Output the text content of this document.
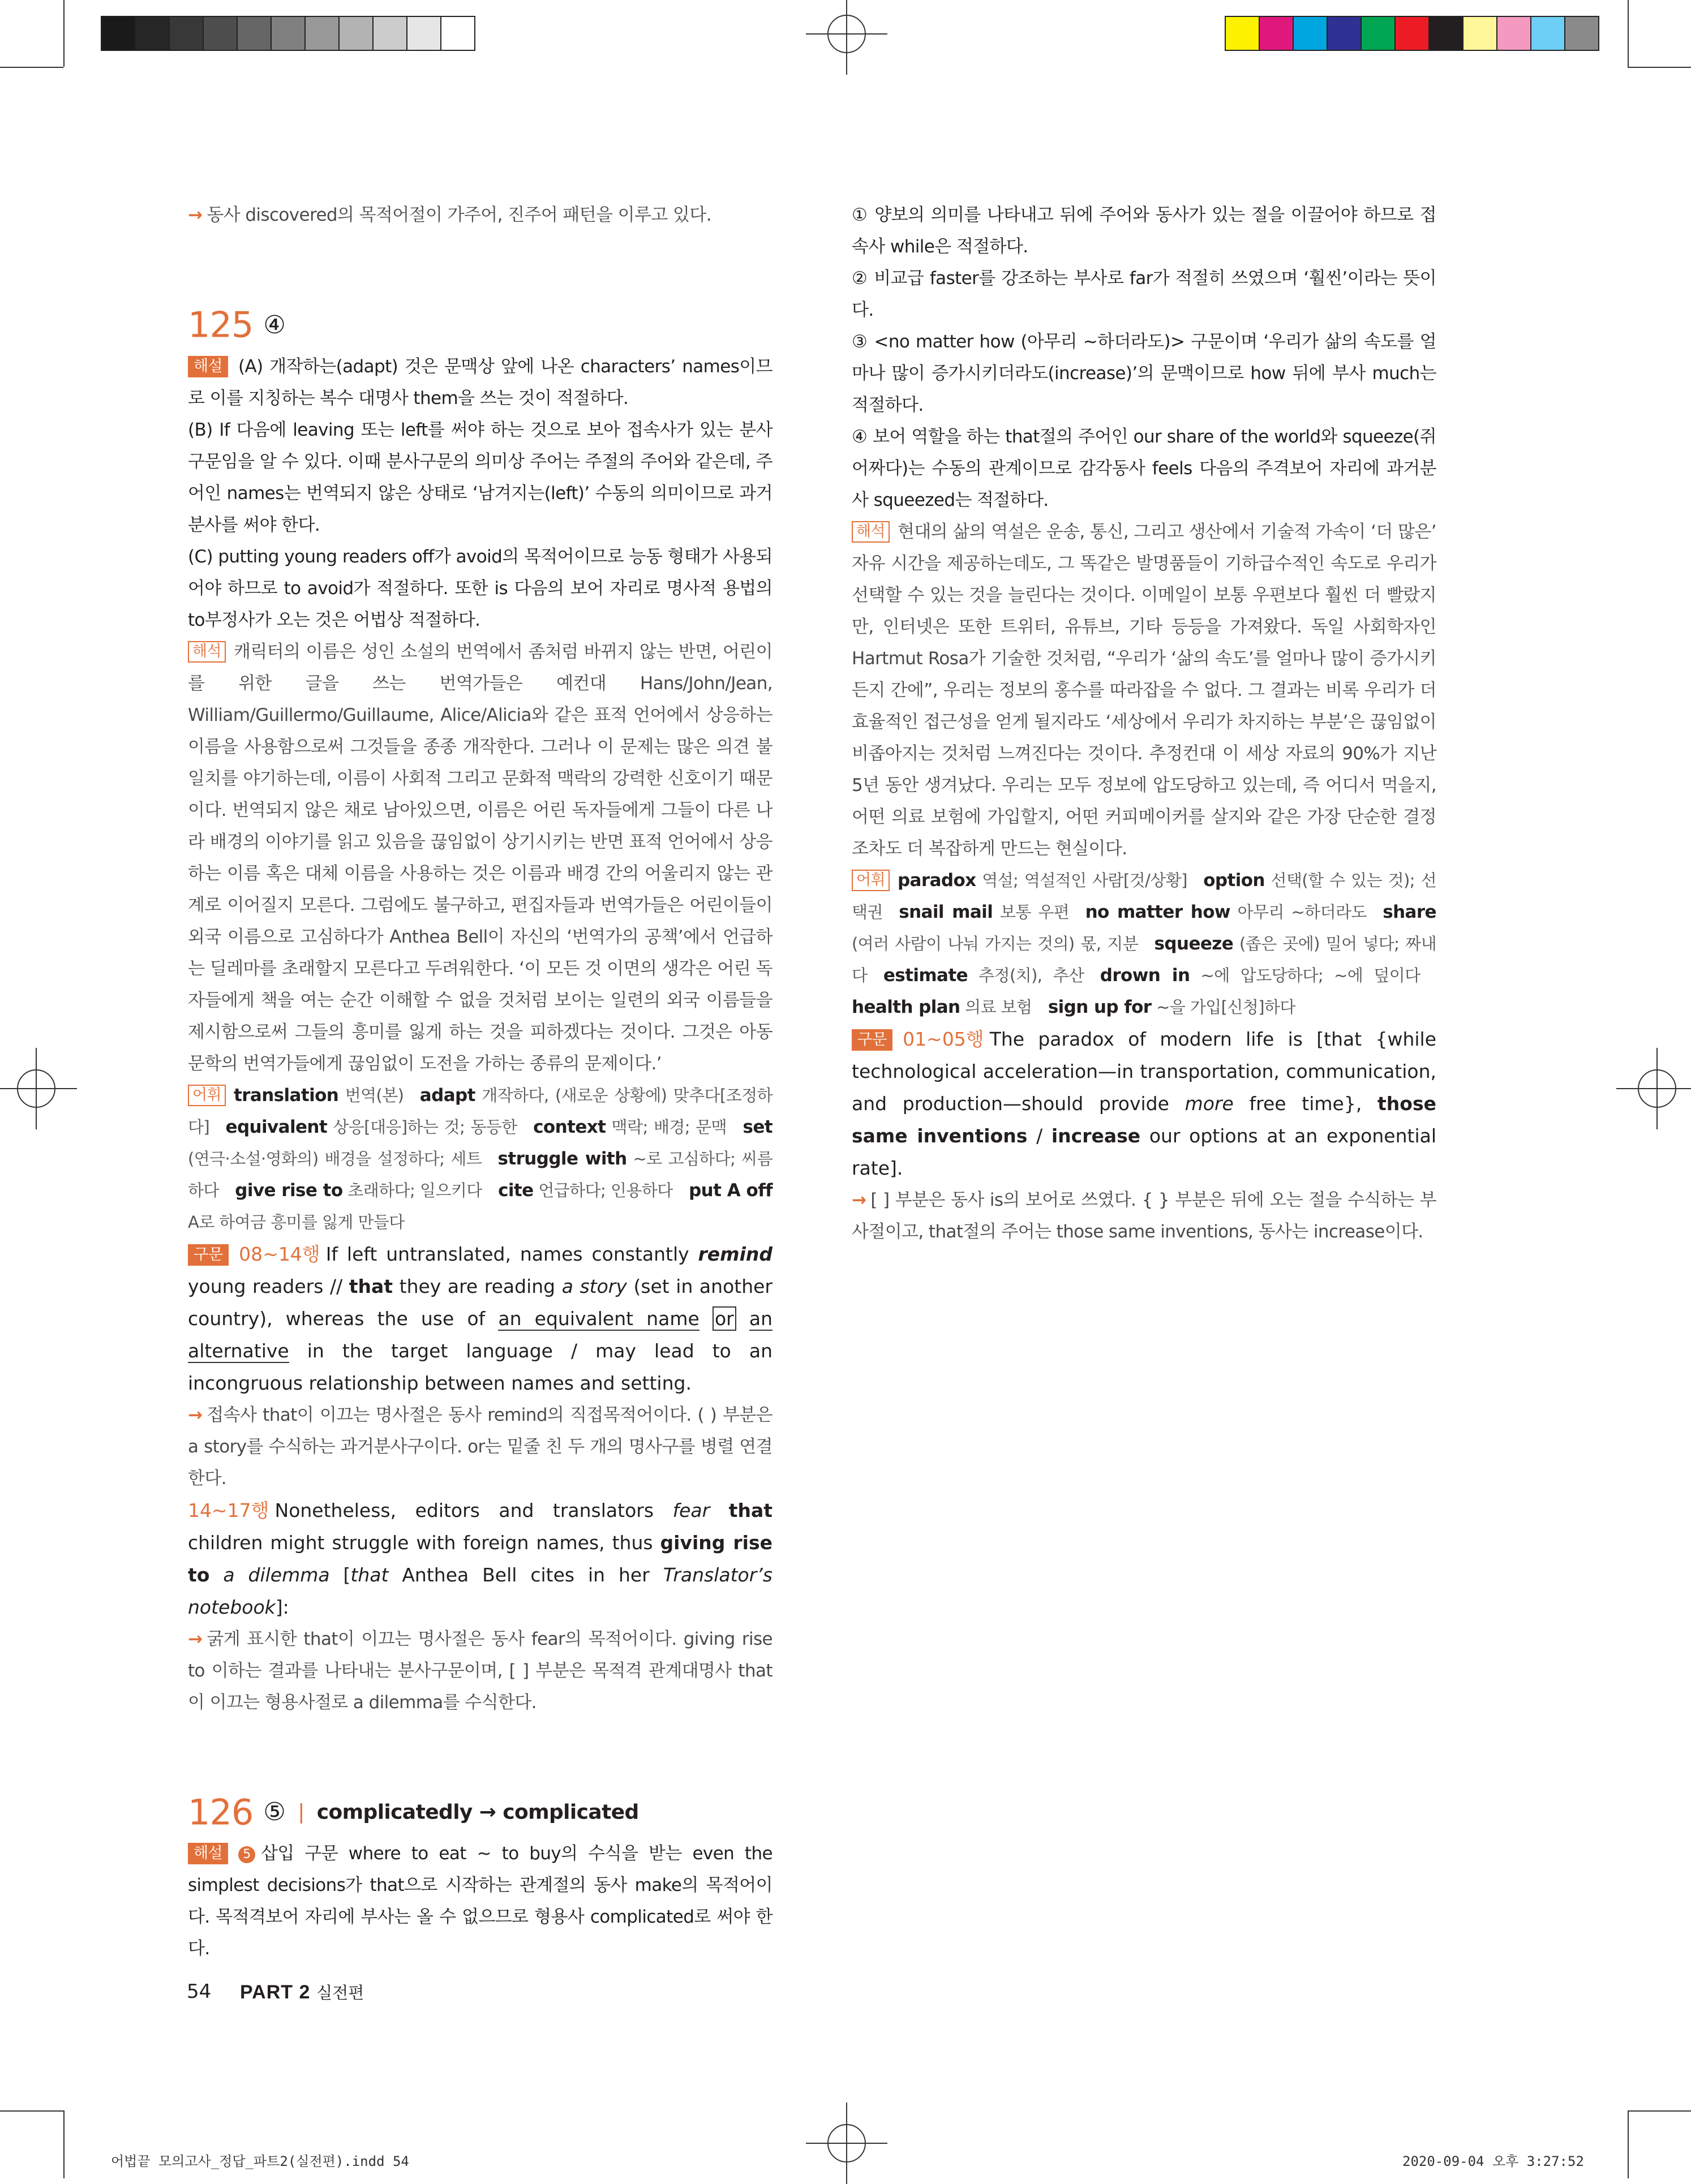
→ 동사 discovered의 목적어절이 가주어, 진주어 패턴을 이루고 있다.

125 ④

해설 (A) 개작하는(adapt) 것은 문맥상 앞에 나온 characters’ names이므로 이를 지칭하는 복수 대명사 them을 쓰는 것이 적절하다.

(B) If 다음에 leaving 또는 left를 써야 하는 것으로 보아 접속사가 있는 분사구문임을 알 수 있다. 이때 분사구문의 의미상 주어는 주절의 주어와 같은데, 주어인 names는 번역되지 않은 상태로 ‘남겨지는(left)’ 수동의 의미이므로 과거분사를 써야 한다.

(C) putting young readers off가 avoid의 목적어이므로 능동 형태가 사용되어야 하므로 to avoid가 적절하다. 또한 is 다음의 보어 자리로 명사적 용법의 to부정사가 오는 것은 어법상 적절하다.

해석 캐릭터의 이름은 성인 소설의 번역에서 좀처럼 바뀌지 않는 반면, 어린이를 위한 글을 쓰는 번역가들은 예컨대 Hans/John/Jean, William/Guillermo/Guillaume, Alice/Alicia와 같은 표적 언어에서 상응하는 이름을 사용함으로써 그것들을 종종 개작한다. 그러나 이 문제는 많은 의견 불일치를 야기하는데, 이름이 사회적 그리고 문화적 맥락의 강력한 신호이기 때문이다. 번역되지 않은 채로 남아있으면, 이름은 어린 독자들에게 그들이 다른 나라 배경의 이야기를 읽고 있음을 끊임없이 상기시키는 반면 표적 언어에서 상응하는 이름 혹은 대체 이름을 사용하는 것은 이름과 배경 간의 어울리지 않는 관계로 이어질지 모른다. 그럼에도 불구하고, 편집자들과 번역가들은 어린이들이 외국 이름으로 고심하다가 Anthea Bell이 자신의 ‘번역가의 공책’에서 언급하는 딜레마를 초래할지 모른다고 두려워한다. ‘이 모든 것 이면의 생각은 어린 독자들에게 책을 여는 순간 이해할 수 없을 것처럼 보이는 일련의 외국 이름들을 제시함으로써 그들의 흥미를 잃게 하는 것을 피하겠다는 것이다. 그것은 아동 문학의 번역가들에게 끊임없이 도전을 가하는 종류의 문제이다.’

어휘 translation 번역(본) adapt 개작하다, (새로운 상황에) 맞추다[조정하다] equivalent 상응[대응]하는 것; 동등한 context 맥락; 배경; 문맥 set (연극·소설·영화의) 배경을 설정하다; 세트 struggle with ~로 고심하다; 씨름하다 give rise to 초래하다; 일으키다 cite 언급하다; 인용하다 put A off A로 하여금 흥미를 잃게 만들다 

구문 08~14행 If left untranslated, names constantly remind young readers // that they are reading a story (set in another country), whereas the use of an equivalent name or an alternative in the target language / may lead to an incongruous relationship between names and setting.

→ 접속사 that이 이끄는 명사절은 동사 remind의 직접목적어이다. ( ) 부분은 a story를 수식하는 과거분사구이다. or는 밑줄 친 두 개의 명사구를 병렬 연결한다.

14~17행 Nonetheless, editors and translators fear that children might struggle with foreign names, thus giving rise to a dilemma [that Anthea Bell cites in her Translator’s notebook]:

→ 굵게 표시한 that이 이끄는 명사절은 동사 fear의 목적어이다. giving rise to 이하는 결과를 나타내는 분사구문이며, [ ] 부분은 목적격 관계대명사 that이 이끄는 형용사절로 a dilemma를 수식한다.

126 ⑤ | complicatedly → complicated

해설 5 삽입 구문 where to eat ~ to buy의 수식을 받는 even the simplest decisions가 that으로 시작하는 관계절의 동사 make의 목적어이다. 목적격보어 자리에 부사는 올 수 없으므로 형용사 complicated로 써야 한다.

① 양보의 의미를 나타내고 뒤에 주어와 동사가 있는 절을 이끌어야 하므로 접속사 while은 적절하다.

② 비교급 faster를 강조하는 부사로 far가 적절히 쓰였으며 ‘훨씬’이라는 뜻이다.

③ <no matter how (아무리 ~하더라도)> 구문이며 ‘우리가 삶의 속도를 얼마나 많이 증가시키더라도(increase)’의 문맥이므로 how 뒤에 부사 much는 적절하다.

④ 보어 역할을 하는 that절의 주어인 our share of the world와 squeeze(쥐어짜다)는 수동의 관계이므로 감각동사 feels 다음의 주격보어 자리에 과거분사 squeezed는 적절하다.

해석 현대의 삶의 역설은 운송, 통신, 그리고 생산에서 기술적 가속이 ‘더 많은’ 자유 시간을 제공하는데도, 그 똑같은 발명품들이 기하급수적인 속도로 우리가 선택할 수 있는 것을 늘린다는 것이다. 이메일이 보통 우편보다 훨씬 더 빨랐지만, 인터넷은 또한 트위터, 유튜브, 기타 등등을 가져왔다. 독일 사회학자인 Hartmut Rosa가 기술한 것처럼, “우리가 ‘삶의 속도’를 얼마나 많이 증가시키든지 간에”, 우리는 정보의 홍수를 따라잡을 수 없다. 그 결과는 비록 우리가 더 효율적인 접근성을 얻게 될지라도 ‘세상에서 우리가 차지하는 부분’은 끊임없이 비좁아지는 것처럼 느껴진다는 것이다. 추정컨대 이 세상 자료의 90%가 지난 5년 동안 생겨났다. 우리는 모두 정보에 압도당하고 있는데, 즉 어디서 먹을지, 어떤 의료 보험에 가입할지, 어떤 커피메이커를 살지와 같은 가장 단순한 결정조차도 더 복잡하게 만드는 현실이다.

어휘 paradox 역설; 역설적인 사람[것/상황] option 선택(할 수 있는 것); 선택권 snail mail 보통 우편 no matter how 아무리 ~하더라도 share (여러 사람이 나눠 가지는 것의) 몫, 지분 squeeze (좁은 곳에) 밀어 넣다; 짜내다 estimate 추정(치), 추산 drown in ~에 압도당하다; ~에 덮이다 health plan 의료 보험 sign up for ~을 가입[신청]하다 

구문 01~05행 The paradox of modern life is [that {while technological acceleration—in transportation, communication, and production—should provide more free time}, those same inventions / increase our options at an exponential rate].

→ [ ] 부분은 동사 is의 보어로 쓰였다. { } 부분은 뒤에 오는 절을 수식하는 부사절이고, that절의 주어는 those same inventions, 동사는 increase이다.

54 PART 2 실전편
어법끝 모의고사_정답_파트2(실전편).indd 54	2020-09-04 오후 3:27:52
